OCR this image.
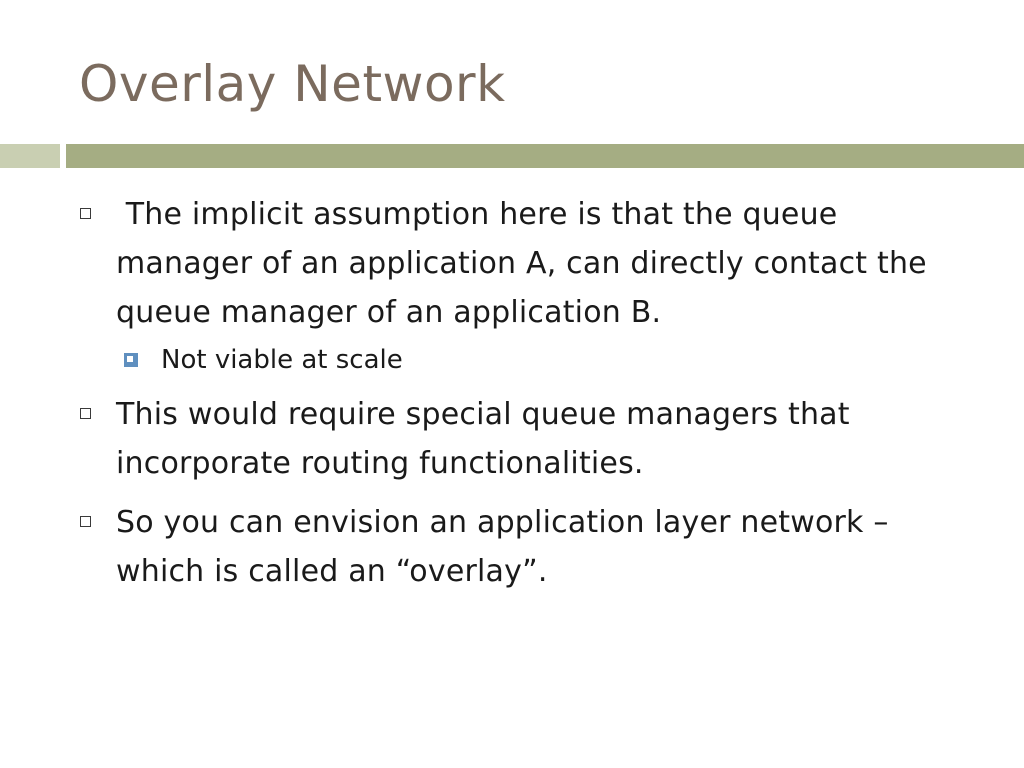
Overlay Network
The implicit assumption here is that the queue manager of an application A, can directly contact the queue manager of an application B.
Not viable at scale
This would require special queue managers that incorporate routing functionalities.
So you can envision an application layer network – which is called an “overlay”.
